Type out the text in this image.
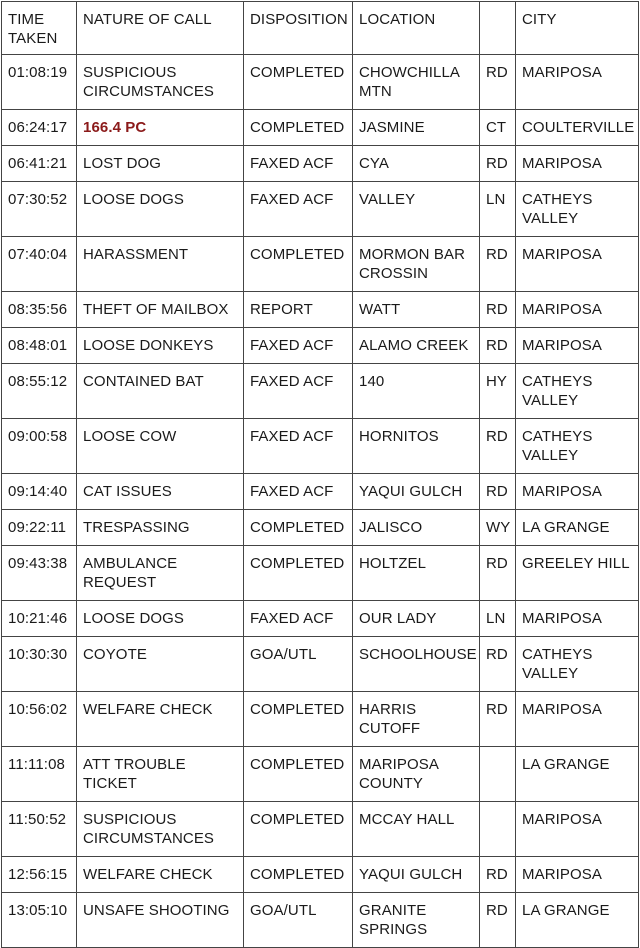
TIME TAKEN	NATURE OF CALL	DISPOSITION	LOCATION		CITY
01:08:19	SUSPICIOUS CIRCUMSTANCES	COMPLETED	CHOWCHILLA MTN	RD	MARIPOSA
06:24:17	166.4 PC	COMPLETED	JASMINE	CT	COULTERVILLE
06:41:21	LOST DOG	FAXED ACF	CYA	RD	MARIPOSA
07:30:52	LOOSE DOGS	FAXED ACF	VALLEY	LN	CATHEYS VALLEY
07:40:04	HARASSMENT	COMPLETED	MORMON BAR CROSSIN	RD	MARIPOSA
08:35:56	THEFT OF MAILBOX	REPORT	WATT	RD	MARIPOSA
08:48:01	LOOSE DONKEYS	FAXED ACF	ALAMO CREEK	RD	MARIPOSA
08:55:12	CONTAINED BAT	FAXED ACF	140	HY	CATHEYS VALLEY
09:00:58	LOOSE COW	FAXED ACF	HORNITOS	RD	CATHEYS VALLEY
09:14:40	CAT ISSUES	FAXED ACF	YAQUI GULCH	RD	MARIPOSA
09:22:11	TRESPASSING	COMPLETED	JALISCO	WY	LA GRANGE
09:43:38	AMBULANCE REQUEST	COMPLETED	HOLTZEL	RD	GREELEY HILL
10:21:46	LOOSE DOGS	FAXED ACF	OUR LADY	LN	MARIPOSA
10:30:30	COYOTE	GOA/UTL	SCHOOLHOUSE	RD	CATHEYS VALLEY
10:56:02	WELFARE CHECK	COMPLETED	HARRIS CUTOFF	RD	MARIPOSA
11:11:08	ATT TROUBLE TICKET	COMPLETED	MARIPOSA COUNTY		LA GRANGE
11:50:52	SUSPICIOUS CIRCUMSTANCES	COMPLETED	MCCAY HALL		MARIPOSA
12:56:15	WELFARE CHECK	COMPLETED	YAQUI GULCH	RD	MARIPOSA
13:05:10	UNSAFE SHOOTING	GOA/UTL	GRANITE SPRINGS	RD	LA GRANGE
